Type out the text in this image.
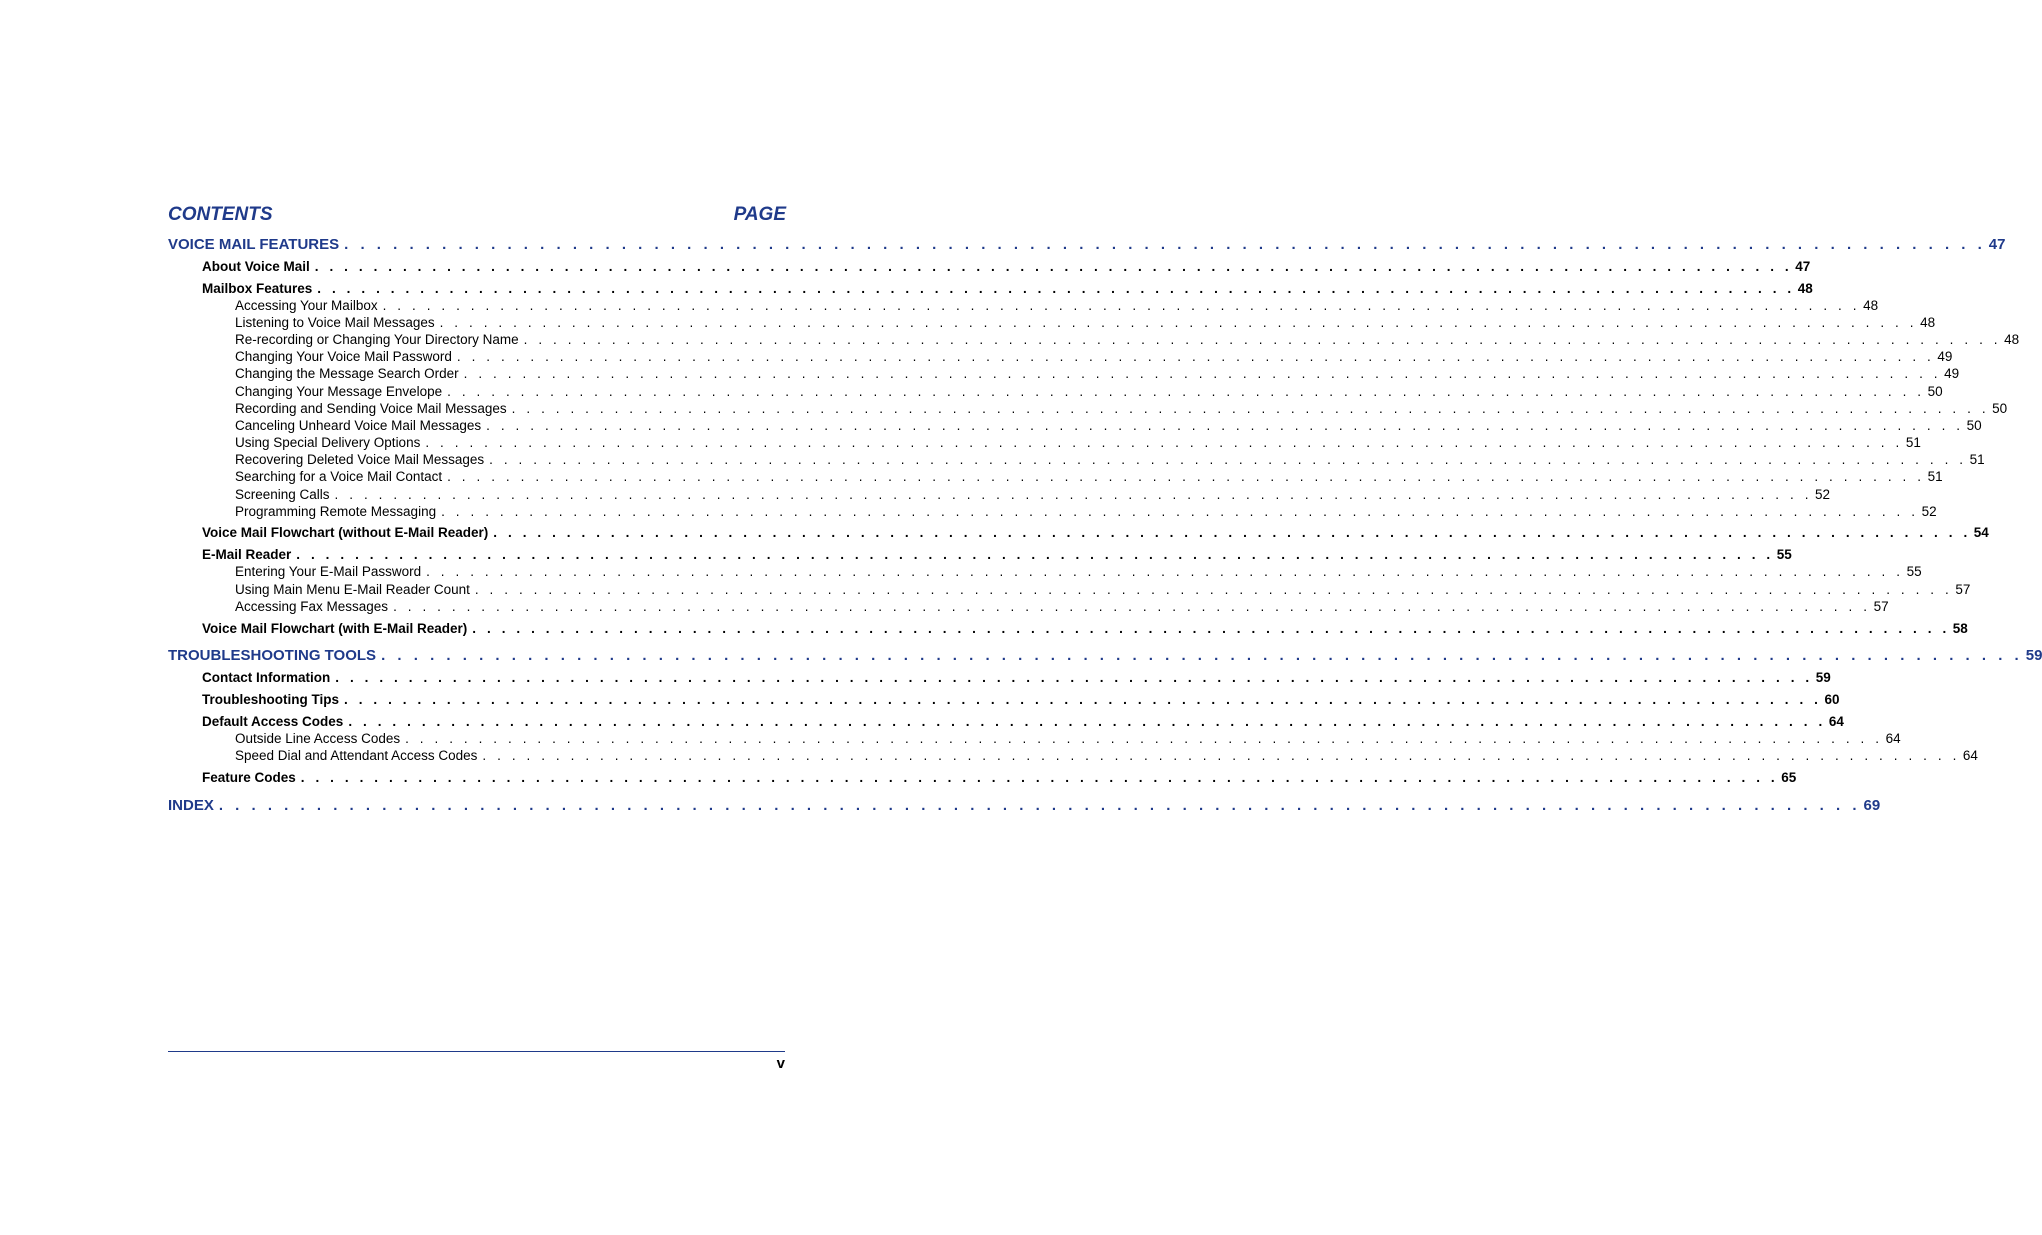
CONTENTS	PAGE
VOICE MAIL FEATURES . . . . . . . . . . . . . . . . . . . . . . . . . . . . . . . . . . . . . . . . . . . . . . . . . . . . . . . . . . . . . . . . . . . . . . . . . . . . . . . . . . . . . . . . . . . . . . . . . . . . . 47
About Voice Mail . . . . . . . . . . . . . . . . . . . . . . . . . . . . . . . . . . . . . . . . . . . . . . . . . . . . . . . . . . . . . . . . . . . . . . . . . . . . . . . . . . . . . . . . . . . . . . . . . . . . . 47
Mailbox Features . . . . . . . . . . . . . . . . . . . . . . . . . . . . . . . . . . . . . . . . . . . . . . . . . . . . . . . . . . . . . . . . . . . . . . . . . . . . . . . . . . . . . . . . . . . . . . . . . . . . . 48
Accessing Your Mailbox . . . . . . . . . . . . . . . . . . . . . . . . . . . . . . . . . . . . . . . . . . . . . . . . . . . . . . . . . . . . . . . . . . . . . . . . . . . . . . . . . . . . . . . . . . . . . . . . . . . . . 48
Listening to Voice Mail Messages . . . . . . . . . . . . . . . . . . . . . . . . . . . . . . . . . . . . . . . . . . . . . . . . . . . . . . . . . . . . . . . . . . . . . . . . . . . . . . . . . . . . . . . . . . . . . . . . . . . . . 48
Re-recording or Changing Your Directory Name . . . . . . . . . . . . . . . . . . . . . . . . . . . . . . . . . . . . . . . . . . . . . . . . . . . . . . . . . . . . . . . . . . . . . . . . . . . . . . . . . . . . . . . . . . . . . . . . . . . . . 48
Changing Your Voice Mail Password . . . . . . . . . . . . . . . . . . . . . . . . . . . . . . . . . . . . . . . . . . . . . . . . . . . . . . . . . . . . . . . . . . . . . . . . . . . . . . . . . . . . . . . . . . . . . . . . . . . . . 49
Changing the Message Search Order . . . . . . . . . . . . . . . . . . . . . . . . . . . . . . . . . . . . . . . . . . . . . . . . . . . . . . . . . . . . . . . . . . . . . . . . . . . . . . . . . . . . . . . . . . . . . . . . . . . . . 49
Changing Your Message Envelope . . . . . . . . . . . . . . . . . . . . . . . . . . . . . . . . . . . . . . . . . . . . . . . . . . . . . . . . . . . . . . . . . . . . . . . . . . . . . . . . . . . . . . . . . . . . . . . . . . . . . 50
Recording and Sending Voice Mail Messages . . . . . . . . . . . . . . . . . . . . . . . . . . . . . . . . . . . . . . . . . . . . . . . . . . . . . . . . . . . . . . . . . . . . . . . . . . . . . . . . . . . . . . . . . . . . . . . . . . . . . 50
Canceling Unheard Voice Mail Messages . . . . . . . . . . . . . . . . . . . . . . . . . . . . . . . . . . . . . . . . . . . . . . . . . . . . . . . . . . . . . . . . . . . . . . . . . . . . . . . . . . . . . . . . . . . . . . . . . . . . . 50
Using Special Delivery Options . . . . . . . . . . . . . . . . . . . . . . . . . . . . . . . . . . . . . . . . . . . . . . . . . . . . . . . . . . . . . . . . . . . . . . . . . . . . . . . . . . . . . . . . . . . . . . . . . . . . . 51
Recovering Deleted Voice Mail Messages . . . . . . . . . . . . . . . . . . . . . . . . . . . . . . . . . . . . . . . . . . . . . . . . . . . . . . . . . . . . . . . . . . . . . . . . . . . . . . . . . . . . . . . . . . . . . . . . . . . . . 51
Searching for a Voice Mail Contact . . . . . . . . . . . . . . . . . . . . . . . . . . . . . . . . . . . . . . . . . . . . . . . . . . . . . . . . . . . . . . . . . . . . . . . . . . . . . . . . . . . . . . . . . . . . . . . . . . . . . 51
Screening Calls . . . . . . . . . . . . . . . . . . . . . . . . . . . . . . . . . . . . . . . . . . . . . . . . . . . . . . . . . . . . . . . . . . . . . . . . . . . . . . . . . . . . . . . . . . . . . . . . . . . . . 52
Programming Remote Messaging . . . . . . . . . . . . . . . . . . . . . . . . . . . . . . . . . . . . . . . . . . . . . . . . . . . . . . . . . . . . . . . . . . . . . . . . . . . . . . . . . . . . . . . . . . . . . . . . . . . . . 52
Voice Mail Flowchart (without E-Mail Reader) . . . . . . . . . . . . . . . . . . . . . . . . . . . . . . . . . . . . . . . . . . . . . . . . . . . . . . . . . . . . . . . . . . . . . . . . . . . . . . . . . . . . . . . . . . . . . . . . . . . . . 54
E-Mail Reader . . . . . . . . . . . . . . . . . . . . . . . . . . . . . . . . . . . . . . . . . . . . . . . . . . . . . . . . . . . . . . . . . . . . . . . . . . . . . . . . . . . . . . . . . . . . . . . . . . . . . 55
Entering Your E-Mail Password . . . . . . . . . . . . . . . . . . . . . . . . . . . . . . . . . . . . . . . . . . . . . . . . . . . . . . . . . . . . . . . . . . . . . . . . . . . . . . . . . . . . . . . . . . . . . . . . . . . . . 55
Using Main Menu E-Mail Reader Count . . . . . . . . . . . . . . . . . . . . . . . . . . . . . . . . . . . . . . . . . . . . . . . . . . . . . . . . . . . . . . . . . . . . . . . . . . . . . . . . . . . . . . . . . . . . . . . . . . . . . 57
Accessing Fax Messages . . . . . . . . . . . . . . . . . . . . . . . . . . . . . . . . . . . . . . . . . . . . . . . . . . . . . . . . . . . . . . . . . . . . . . . . . . . . . . . . . . . . . . . . . . . . . . . . . . . . . 57
Voice Mail Flowchart (with E-Mail Reader) . . . . . . . . . . . . . . . . . . . . . . . . . . . . . . . . . . . . . . . . . . . . . . . . . . . . . . . . . . . . . . . . . . . . . . . . . . . . . . . . . . . . . . . . . . . . . . . . . . . . . 58
TROUBLESHOOTING TOOLS . . . . . . . . . . . . . . . . . . . . . . . . . . . . . . . . . . . . . . . . . . . . . . . . . . . . . . . . . . . . . . . . . . . . . . . . . . . . . . . . . . . . . . . . . . . . . . . . . . . . . 59
Contact Information . . . . . . . . . . . . . . . . . . . . . . . . . . . . . . . . . . . . . . . . . . . . . . . . . . . . . . . . . . . . . . . . . . . . . . . . . . . . . . . . . . . . . . . . . . . . . . . . . . . . . 59
Troubleshooting Tips . . . . . . . . . . . . . . . . . . . . . . . . . . . . . . . . . . . . . . . . . . . . . . . . . . . . . . . . . . . . . . . . . . . . . . . . . . . . . . . . . . . . . . . . . . . . . . . . . . . . . 60
Default Access Codes . . . . . . . . . . . . . . . . . . . . . . . . . . . . . . . . . . . . . . . . . . . . . . . . . . . . . . . . . . . . . . . . . . . . . . . . . . . . . . . . . . . . . . . . . . . . . . . . . . . . . 64
Outside Line Access Codes . . . . . . . . . . . . . . . . . . . . . . . . . . . . . . . . . . . . . . . . . . . . . . . . . . . . . . . . . . . . . . . . . . . . . . . . . . . . . . . . . . . . . . . . . . . . . . . . . . . . . 64
Speed Dial and Attendant Access Codes . . . . . . . . . . . . . . . . . . . . . . . . . . . . . . . . . . . . . . . . . . . . . . . . . . . . . . . . . . . . . . . . . . . . . . . . . . . . . . . . . . . . . . . . . . . . . . . . . . . . . 64
Feature Codes . . . . . . . . . . . . . . . . . . . . . . . . . . . . . . . . . . . . . . . . . . . . . . . . . . . . . . . . . . . . . . . . . . . . . . . . . . . . . . . . . . . . . . . . . . . . . . . . . . . . . 65
INDEX . . . . . . . . . . . . . . . . . . . . . . . . . . . . . . . . . . . . . . . . . . . . . . . . . . . . . . . . . . . . . . . . . . . . . . . . . . . . . . . . . . . . . . . . . . . . . . . . . . . . . 69
v
